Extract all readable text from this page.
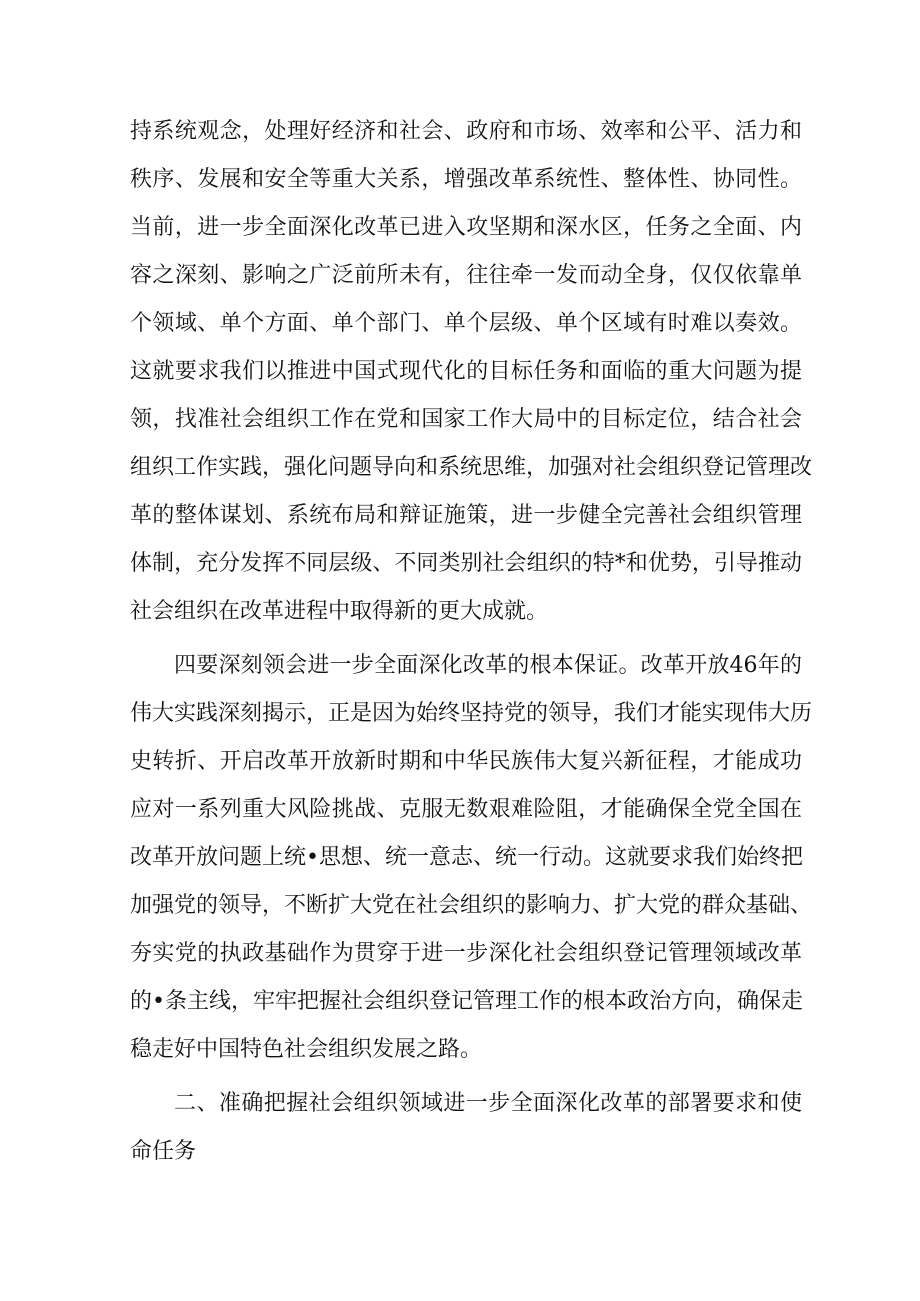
持系统观念，处理好经济和社会、政府和市场、效率和公平、活力和
秩序、发展和安全等重大关系，增强改革系统性、整体性、协同性。
当前，进一步全面深化改革已进入攻坚期和深水区，任务之全面、内
容之深刻、影响之广泛前所未有，往往牵一发而动全身，仅仅依靠单
个领域、单个方面、单个部门、单个层级、单个区域有时难以奏效。
这就要求我们以推进中国式现代化的目标任务和面临的重大问题为提
领，找准社会组织工作在党和国家工作大局中的目标定位，结合社会
组织工作实践，强化问题导向和系统思维，加强对社会组织登记管理改
革的整体谋划、系统布局和辩证施策，进一步健全完善社会组织管理
体制，充分发挥不同层级、不同类别社会组织的特*和优势，引导推动
社会组织在改革进程中取得新的更大成就。
四要深刻领会进一步全面深化改革的根本保证。改革开放46年的
伟大实践深刻揭示，正是因为始终坚持党的领导，我们才能实现伟大历
史转折、开启改革开放新时期和中华民族伟大复兴新征程，才能成功
应对一系列重大风险挑战、克服无数艰难险阻，才能确保全党全国在
改革开放问题上统•思想、统一意志、统一行动。这就要求我们始终把
加强党的领导，不断扩大党在社会组织的影响力、扩大党的群众基础、
夯实党的执政基础作为贯穿于进一步深化社会组织登记管理领域改革
的•条主线，牢牢把握社会组织登记管理工作的根本政治方向，确保走
稳走好中国特色社会组织发展之路。
二、准确把握社会组织领域进一步全面深化改革的部署要求和使
命任务
